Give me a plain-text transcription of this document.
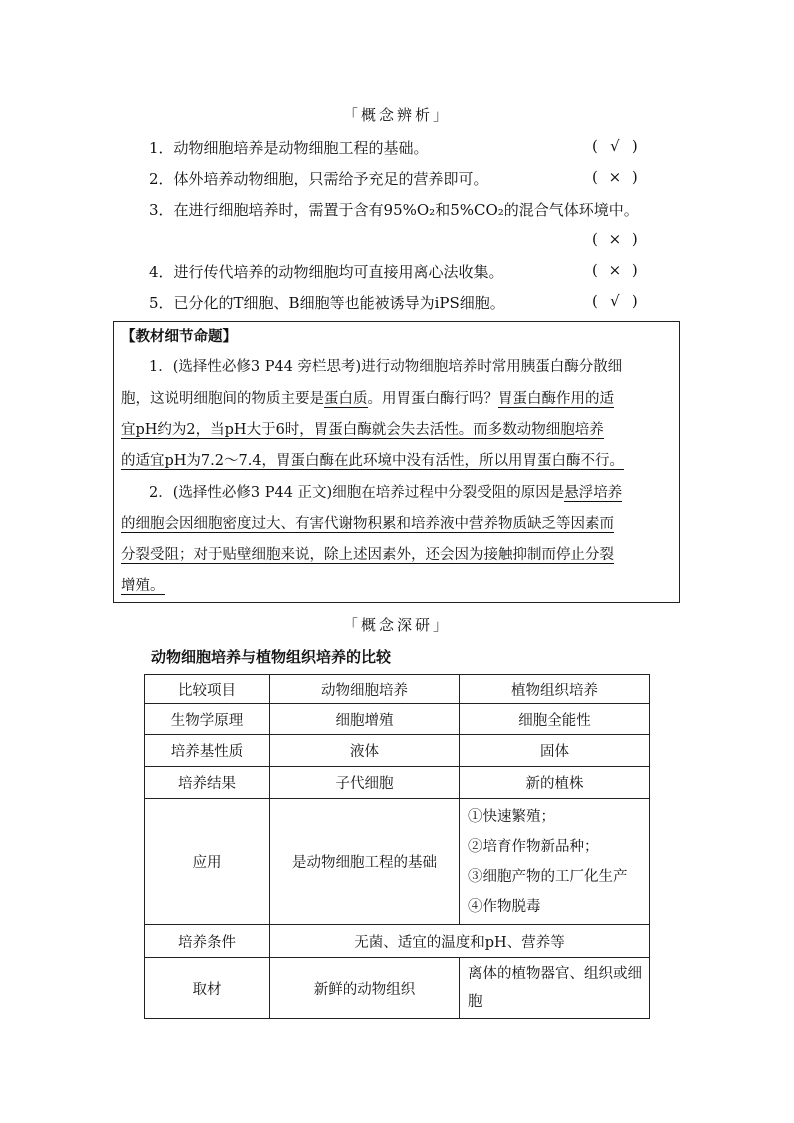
「概念辨析」
1．动物细胞培养是动物细胞工程的基础。	( √ )
2．体外培养动物细胞，只需给予充足的营养即可。	( × )
3．在进行细胞培养时，需置于含有95%O₂和5%CO₂的混合气体环境中。
( × )
4．进行传代培养的动物细胞均可直接用离心法收集。	( × )
5．已分化的T细胞、B细胞等也能被诱导为iPS细胞。	( √ )
【教材细节命题】
1．(选择性必修3 P44 旁栏思考)进行动物细胞培养时常用胰蛋白酶分散细
胞，这说明细胞间的物质主要是蛋白质。用胃蛋白酶行吗？胃蛋白酶作用的适
宜pH约为2，当pH大于6时，胃蛋白酶就会失去活性。而多数动物细胞培养
的适宜pH为7.2～7.4，胃蛋白酶在此环境中没有活性，所以用胃蛋白酶不行。
2．(选择性必修3 P44 正文)细胞在培养过程中分裂受阻的原因是悬浮培养
的细胞会因细胞密度过大、有害代谢物积累和培养液中营养物质缺乏等因素而
分裂受阻；对于贴壁细胞来说，除上述因素外，还会因为接触抑制而停止分裂
增殖。
「概念深研」
动物细胞培养与植物组织培养的比较
比较项目	动物细胞培养	植物组织培养
生物学原理	细胞增殖	细胞全能性
培养基性质	液体	固体
培养结果	子代细胞	新的植株
应用	是动物细胞工程的基础	①快速繁殖；
②培育作物新品种；
③细胞产物的工厂化生产
④作物脱毒

培养条件	无菌、适宜的温度和pH、营养等	
取材	新鲜的动物组织	离体的植物器官、组织或细胞
